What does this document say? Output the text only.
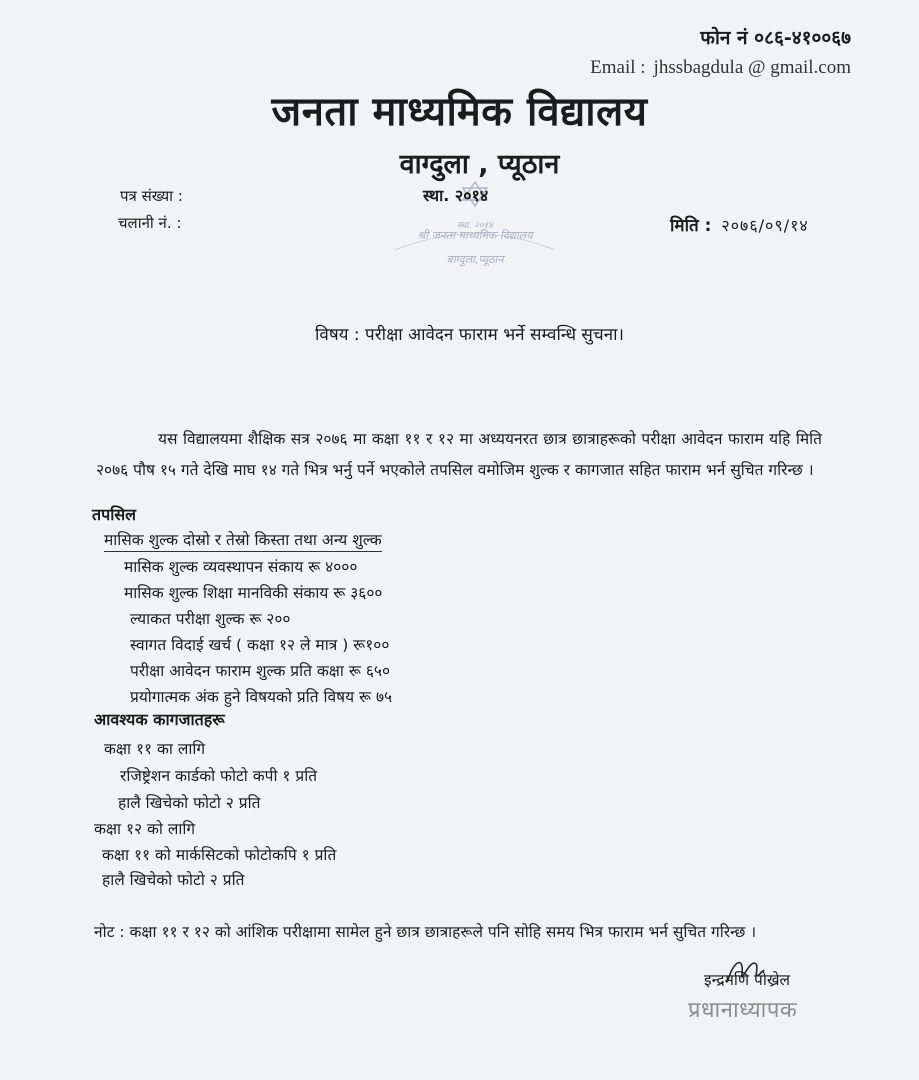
फोन नं ०८६-४१००६७
Email : jhssbagdula @ gmail.com
जनता माध्यमिक विद्यालय
वाग्दुला , प्यूठान
स्था. २०१४
श्री जनता माध्यमिक विद्यालय
बाग्दुला,प्यूठान
स्था. २०१४
पत्र संख्या :
चलानी नं. :	मिति : २०७६/०९/१४
विषय : परीक्षा आवेदन फाराम भर्ने सम्वन्धि सुचना।
यस विद्यालयमा शैक्षिक सत्र २०७६ मा कक्षा ११ र १२ मा अध्ययनरत छात्र छात्राहरूको परीक्षा आवेदन फाराम यहि मिति २०७६ पौष १५ गते देखि माघ १४ गते भित्र भर्नु पर्ने भएकोले तपसिल वमोजिम शुल्क र कागजात सहित फाराम भर्न सुचित गरिन्छ ।
तपसिल
मासिक शुल्क दोस्रो र तेस्रो किस्ता तथा अन्य शुल्क
मासिक शुल्क व्यवस्थापन संकाय रू ४०००
मासिक शुल्क शिक्षा मानविकी संकाय रू ३६००
ल्याकत परीक्षा शुल्क रू २००
स्वागत विदाई खर्च ( कक्षा १२ ले मात्र ) रू१००
परीक्षा आवेदन फाराम शुल्क प्रति कक्षा रू ६५०
प्रयोगात्मक अंक हुने विषयको प्रति विषय रू ७५
आवश्यक कागजातहरू
कक्षा ११ का लागि
रजिष्ट्रेशन कार्डको फोटो कपी १ प्रति
हालै खिचेको फोटो २ प्रति
कक्षा १२ को लागि
कक्षा ११ को मार्कसिटको फोटोकपि १ प्रति
हालै खिचेको फोटो २ प्रति
नोट : कक्षा ११ र १२ को आंशिक परीक्षामा सामेल हुने छात्र छात्राहरूले पनि सोहि समय भित्र फाराम भर्न सुचित गरिन्छ ।
इन्द्रमणि पोख्रेल
प्रधानाध्यापक
